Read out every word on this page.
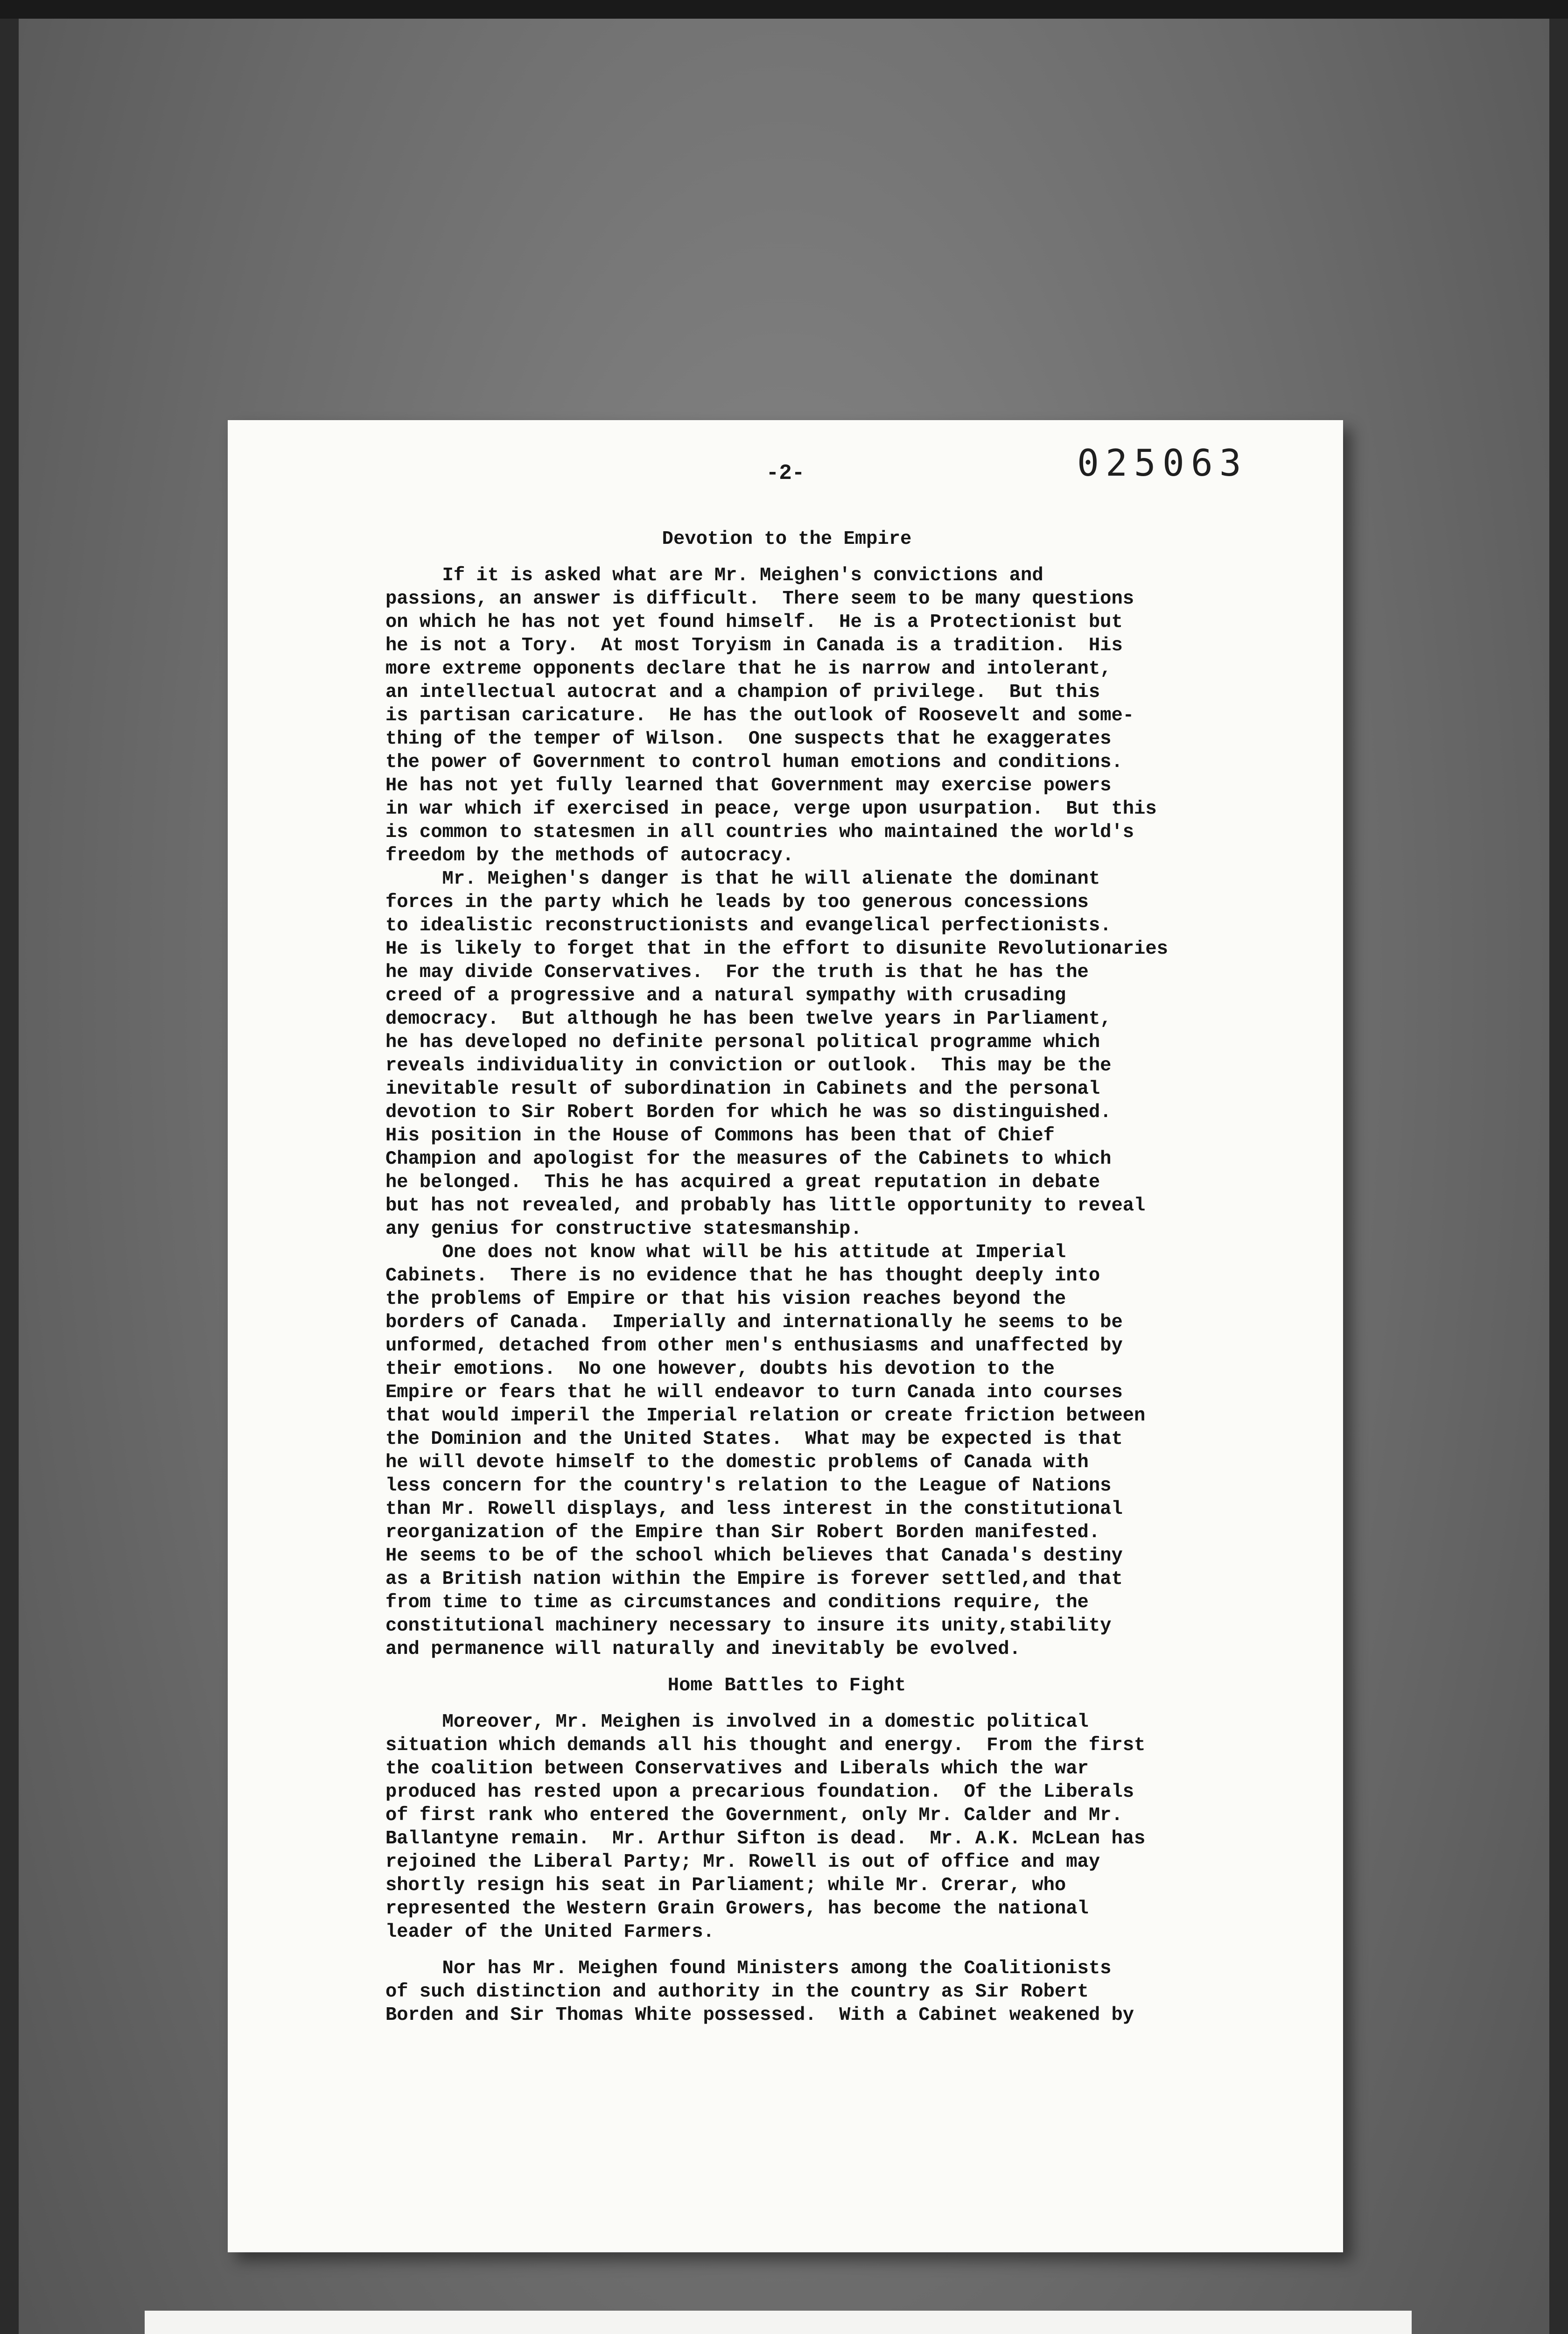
025063
-2-
Devotion to the Empire
If it is asked what are Mr. Meighen's convictions and
passions, an answer is difficult.  There seem to be many questions
on which he has not yet found himself.  He is a Protectionist but
he is not a Tory.  At most Toryism in Canada is a tradition.  His
more extreme opponents declare that he is narrow and intolerant,
an intellectual autocrat and a champion of privilege.  But this
is partisan caricature.  He has the outlook of Roosevelt and some-
thing of the temper of Wilson.  One suspects that he exaggerates
the power of Government to control human emotions and conditions.
He has not yet fully learned that Government may exercise powers
in war which if exercised in peace, verge upon usurpation.  But this
is common to statesmen in all countries who maintained the world's
freedom by the methods of autocracy.
Mr. Meighen's danger is that he will alienate the dominant
forces in the party which he leads by too generous concessions
to idealistic reconstructionists and evangelical perfectionists.
He is likely to forget that in the effort to disunite Revolutionaries
he may divide Conservatives.  For the truth is that he has the
creed of a progressive and a natural sympathy with crusading
democracy.  But although he has been twelve years in Parliament,
he has developed no definite personal political programme which
reveals individuality in conviction or outlook.  This may be the
inevitable result of subordination in Cabinets and the personal
devotion to Sir Robert Borden for which he was so distinguished.
His position in the House of Commons has been that of Chief
Champion and apologist for the measures of the Cabinets to which
he belonged.  This he has acquired a great reputation in debate
but has not revealed, and probably has little opportunity to reveal
any genius for constructive statesmanship.
One does not know what will be his attitude at Imperial
Cabinets.  There is no evidence that he has thought deeply into
the problems of Empire or that his vision reaches beyond the
borders of Canada.  Imperially and internationally he seems to be
unformed, detached from other men's enthusiasms and unaffected by
their emotions.  No one however, doubts his devotion to the
Empire or fears that he will endeavor to turn Canada into courses
that would imperil the Imperial relation or create friction between
the Dominion and the United States.  What may be expected is that
he will devote himself to the domestic problems of Canada with
less concern for the country's relation to the League of Nations
than Mr. Rowell displays, and less interest in the constitutional
reorganization of the Empire than Sir Robert Borden manifested.
He seems to be of the school which believes that Canada's destiny
as a British nation within the Empire is forever settled,and that
from time to time as circumstances and conditions require, the
constitutional machinery necessary to insure its unity,stability
and permanence will naturally and inevitably be evolved.
Home Battles to Fight
Moreover, Mr. Meighen is involved in a domestic political
situation which demands all his thought and energy.  From the first
the coalition between Conservatives and Liberals which the war
produced has rested upon a precarious foundation.  Of the Liberals
of first rank who entered the Government, only Mr. Calder and Mr.
Ballantyne remain.  Mr. Arthur Sifton is dead.  Mr. A.K. McLean has
rejoined the Liberal Party; Mr. Rowell is out of office and may
shortly resign his seat in Parliament; while Mr. Crerar, who
represented the Western Grain Growers, has become the national
leader of the United Farmers.
Nor has Mr. Meighen found Ministers among the Coalitionists
of such distinction and authority in the country as Sir Robert
Borden and Sir Thomas White possessed.  With a Cabinet weakened by
